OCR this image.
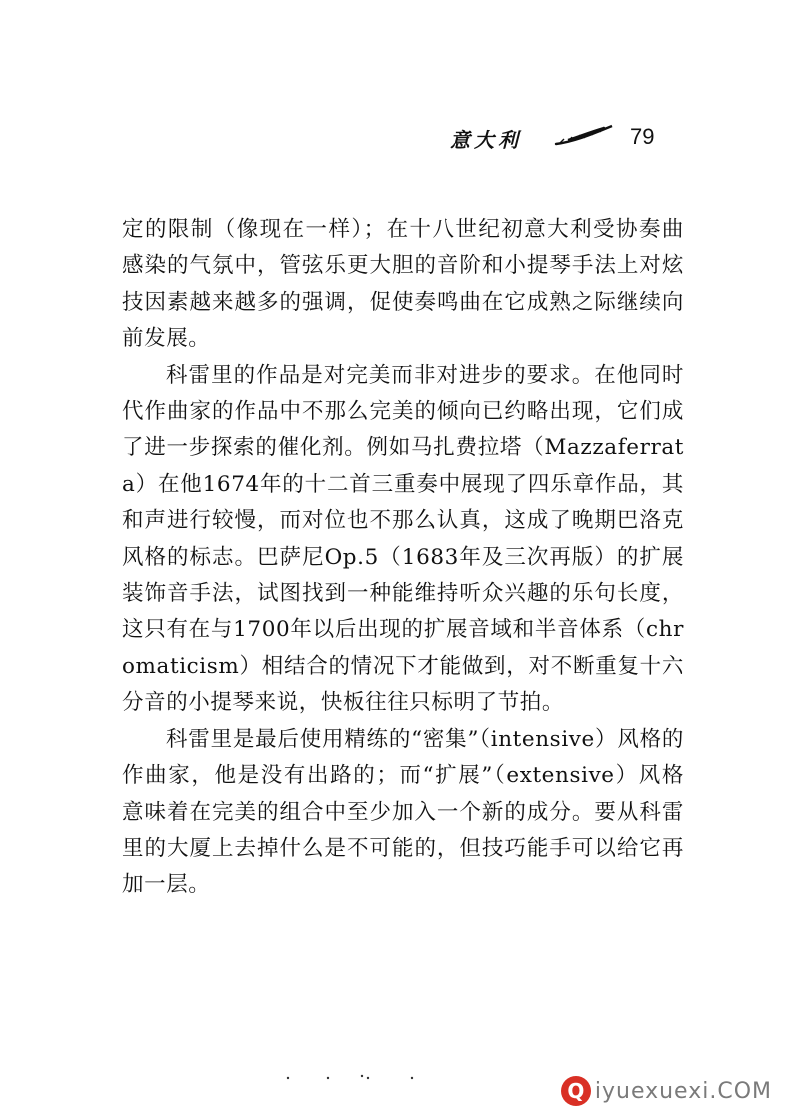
意大利	79

定的限制（像现在一样）；在十八世纪初意大利受协奏曲感染的气氛中，管弦乐更大胆的音阶和小提琴手法上对炫技因素越来越多的强调，促使奏鸣曲在它成熟之际继续向前发展。

科雷里的作品是对完美而非对进步的要求。在他同时代作曲家的作品中不那么完美的倾向已约略出现，它们成了进一步探索的催化剂。例如马扎费拉塔（Mazzaferrata）在他1674年的十二首三重奏中展现了四乐章作品，其和声进行较慢，而对位也不那么认真，这成了晚期巴洛克风格的标志。巴萨尼Op.5（1683年及三次再版）的扩展装饰音手法，试图找到一种能维持听众兴趣的乐句长度，这只有在与1700年以后出现的扩展音域和半音体系（chromaticism）相结合的情况下才能做到，对不断重复十六分音的小提琴来说，快板往往只标明了节拍。

科雷里是最后使用精练的“密集”（intensive）风格的作曲家，他是没有出路的；而“扩展”（extensive）风格意味着在完美的组合中至少加入一个新的成分。要从科雷里的大厦上去掉什么是不可能的，但技巧能手可以给它再加一层。

Q iyuexuexi.COM
